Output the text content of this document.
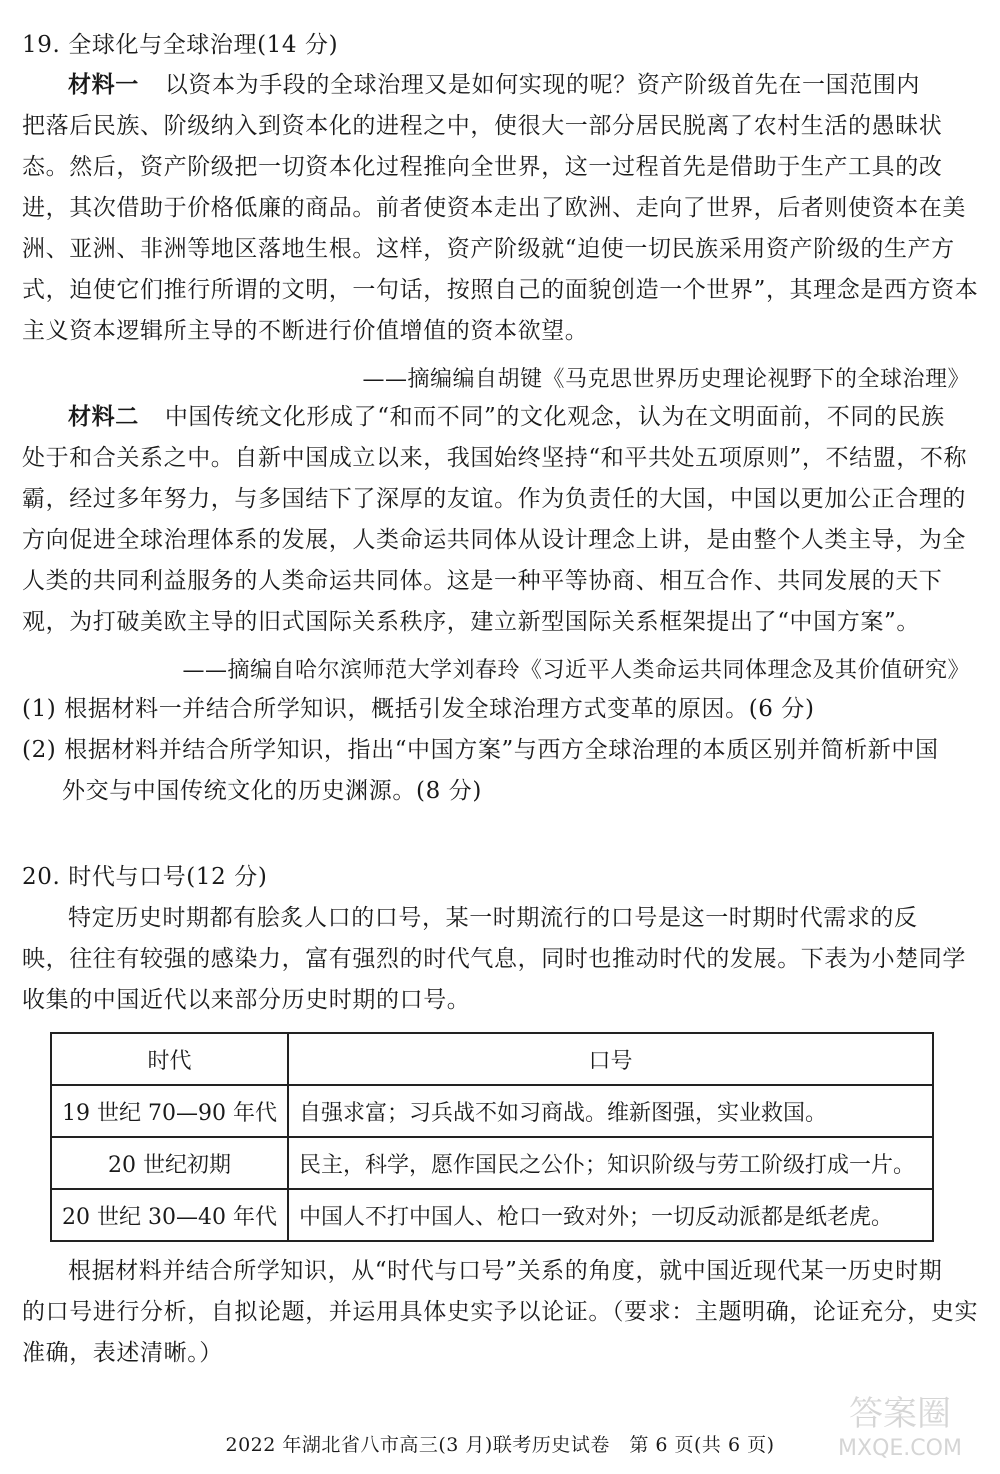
19. 全球化与全球治理(14 分)
材料一 以资本为手段的全球治理又是如何实现的呢？资产阶级首先在一国范围内
把落后民族、阶级纳入到资本化的进程之中，使很大一部分居民脱离了农村生活的愚昧状
态。然后，资产阶级把一切资本化过程推向全世界，这一过程首先是借助于生产工具的改
进，其次借助于价格低廉的商品。前者使资本走出了欧洲、走向了世界，后者则使资本在美
洲、亚洲、非洲等地区落地生根。这样，资产阶级就“迫使一切民族采用资产阶级的生产方
式，迫使它们推行所谓的文明，一句话，按照自己的面貌创造一个世界”，其理念是西方资本
主义资本逻辑所主导的不断进行价值增值的资本欲望。
——摘编编自胡键《马克思世界历史理论视野下的全球治理》
材料二 中国传统文化形成了“和而不同”的文化观念，认为在文明面前，不同的民族
处于和合关系之中。自新中国成立以来，我国始终坚持“和平共处五项原则”，不结盟，不称
霸，经过多年努力，与多国结下了深厚的友谊。作为负责任的大国，中国以更加公正合理的
方向促进全球治理体系的发展，人类命运共同体从设计理念上讲，是由整个人类主导，为全
人类的共同利益服务的人类命运共同体。这是一种平等协商、相互合作、共同发展的天下
观，为打破美欧主导的旧式国际关系秩序，建立新型国际关系框架提出了“中国方案”。
——摘编自哈尔滨师范大学刘春玲《习近平人类命运共同体理念及其价值研究》
(1) 根据材料一并结合所学知识，概括引发全球治理方式变革的原因。(6 分)
(2) 根据材料并结合所学知识，指出“中国方案”与西方全球治理的本质区别并简析新中国
外交与中国传统文化的历史渊源。(8 分)
20. 时代与口号(12 分)
特定历史时期都有脍炙人口的口号，某一时期流行的口号是这一时期时代需求的反
映，往往有较强的感染力，富有强烈的时代气息，同时也推动时代的发展。下表为小楚同学
收集的中国近代以来部分历史时期的口号。
时代	口号
19 世纪 70—90 年代	自强求富；习兵战不如习商战。维新图强，实业救国。
20 世纪初期	民主，科学，愿作国民之公仆；知识阶级与劳工阶级打成一片。
20 世纪 30—40 年代	中国人不打中国人、枪口一致对外；一切反动派都是纸老虎。
根据材料并结合所学知识，从“时代与口号”关系的角度，就中国近现代某一历史时期
的口号进行分析，自拟论题，并运用具体史实予以论证。（要求：主题明确，论证充分，史实
准确，表述清晰。）
2022 年湖北省八市高三(3 月)联考历史试卷　第 6 页(共 6 页)
答案圈
MXQE.COM
